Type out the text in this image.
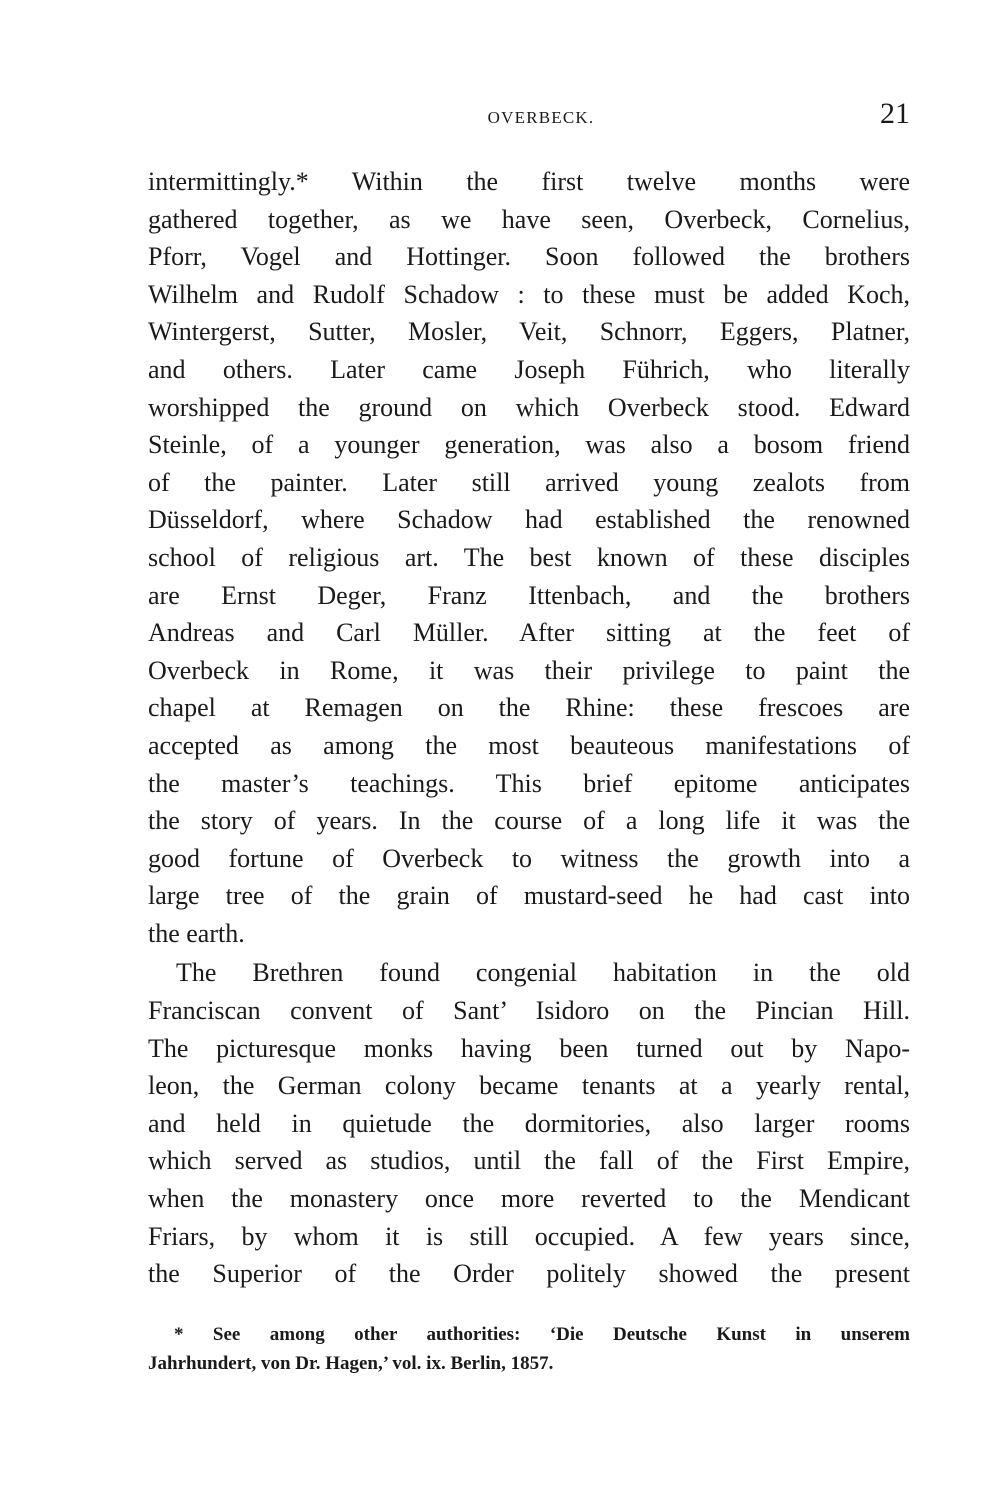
OVERBECK.	21
intermittingly.* Within the first twelve months were
gathered together, as we have seen, Overbeck, Cornelius,
Pforr, Vogel and Hottinger. Soon followed the brothers
Wilhelm and Rudolf Schadow : to these must be added Koch,
Wintergerst, Sutter, Mosler, Veit, Schnorr, Eggers, Platner,
and others. Later came Joseph Führich, who literally
worshipped the ground on which Overbeck stood. Edward
Steinle, of a younger generation, was also a bosom friend
of the painter. Later still arrived young zealots from
Düsseldorf, where Schadow had established the renowned
school of religious art. The best known of these disciples
are Ernst Deger, Franz Ittenbach, and the brothers
Andreas and Carl Müller. After sitting at the feet of
Overbeck in Rome, it was their privilege to paint the
chapel at Remagen on the Rhine: these frescoes are
accepted as among the most beauteous manifestations of
the master’s teachings. This brief epitome anticipates
the story of years. In the course of a long life it was the
good fortune of Overbeck to witness the growth into a
large tree of the grain of mustard-seed he had cast into
the earth.
The Brethren found congenial habitation in the old
Franciscan convent of Sant’ Isidoro on the Pincian Hill.
The picturesque monks having been turned out by Napo-
leon, the German colony became tenants at a yearly rental,
and held in quietude the dormitories, also larger rooms
which served as studios, until the fall of the First Empire,
when the monastery once more reverted to the Mendicant
Friars, by whom it is still occupied. A few years since,
the Superior of the Order politely showed the present
* See among other authorities: ‘Die Deutsche Kunst in unserem
Jahrhundert, von Dr. Hagen,’ vol. ix. Berlin, 1857.
